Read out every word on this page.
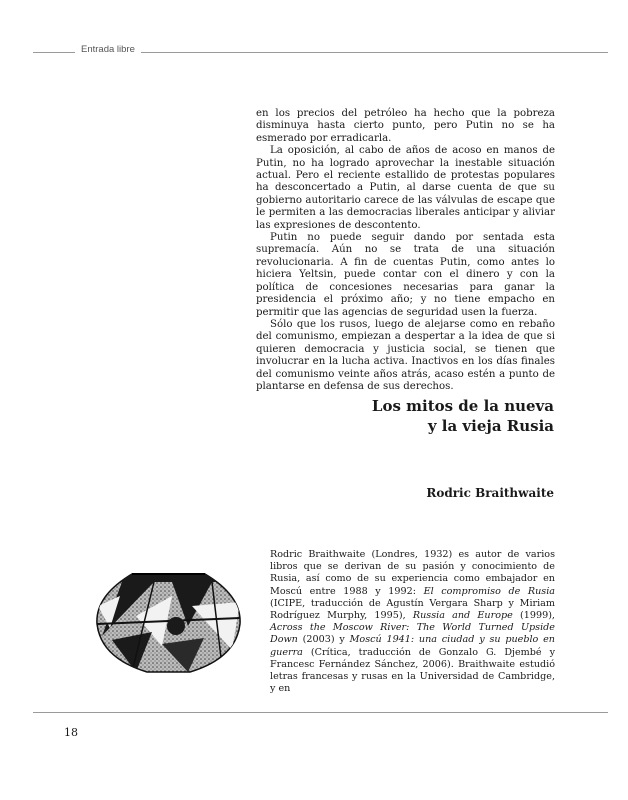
Entrada libre

en los precios del petróleo ha hecho que la pobreza disminuya hasta cierto punto, pero Putin no se ha esmerado por erradicarla.

La oposición, al cabo de años de acoso en manos de Putin, no ha logrado aprovechar la inestable situación actual. Pero el reciente estallido de protestas populares ha desconcertado a Putin, al darse cuenta de que su gobierno autoritario carece de las válvulas de escape que le permiten a las democracias liberales anticipar y aliviar las expresiones de descontento.

Putin no puede seguir dando por sentada esta supremacía. Aún no se trata de una situación revolucionaria. A fin de cuentas Putin, como antes lo hiciera Yeltsin, puede contar con el dinero y con la política de concesiones necesarias para ganar la presidencia el próximo año; y no tiene empacho en permitir que las agencias de seguridad usen la fuerza.

Sólo que los rusos, luego de alejarse como en rebaño del comunismo, empiezan a despertar a la idea de que si quieren democracia y justicia social, se tienen que involucrar en la lucha activa. Inactivos en los días finales del comunismo veinte años atrás, acaso estén a punto de plantarse en defensa de sus derechos.

Los mitos de la nueva
y la vieja Rusia

Rodric Braithwaite

Rodric Braithwaite (Londres, 1932) es autor de varios libros que se derivan de su pasión y conocimiento de Rusia, así como de su experiencia como embajador en Moscú entre 1988 y 1992: El compromiso de Rusia (ICIPE, traducción de Agustín Vergara Sharp y Miriam Rodríguez Murphy, 1995), Russia and Europe (1999), Across the Moscow River: The World Turned Upside Down (2003) y Moscú 1941: una ciudad y su pueblo en guerra (Crítica, traducción de Gonzalo G. Djembé y Francesc Fernández Sánchez, 2006). Braithwaite estudió letras francesas y rusas en la Universidad de Cambridge, y en

18
